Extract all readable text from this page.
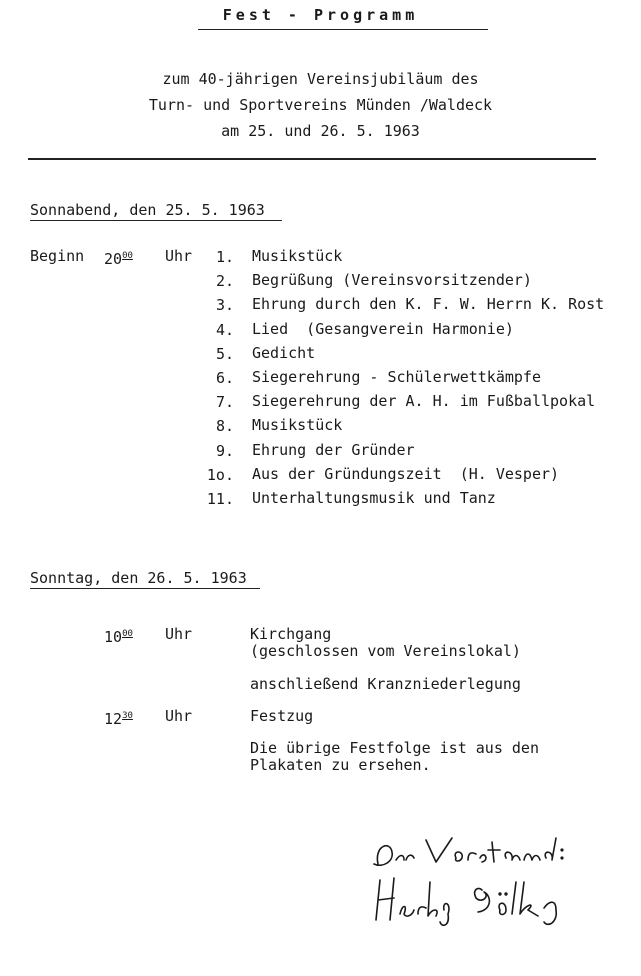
Fest - Programm
zum 40-jährigen Vereinsjubiläum des
Turn- und Sportvereins Münden /Waldeck
am 25. und 26. 5. 1963
Sonnabend, den 25. 5. 1963
Beginn $20^{00}$ Uhr	1. Musikstück
2. Begrüßung (Vereinsvorsitzender)
3. Ehrung durch den K. F. W. Herrn K. Rost
4. Lied  (Gesangverein Harmonie)
5. Gedicht
6. Siegerehrung - Schülerwettkämpfe
7. Siegerehrung der A. H. im Fußballpokal
8. Musikstück
9. Ehrung der Gründer
1o. Aus der Gründungszeit  (H. Vesper)
11. Unterhaltungsmusik und Tanz
Sonntag, den 26. 5. 1963
$10^{00}$ Uhr	Kirchgang
(geschlossen vom Vereinslokal)
anschließend Kranzniederlegung
$12^{30}$ Uhr	Festzug
Die übrige Festfolge ist aus den
Plakaten zu ersehen.
